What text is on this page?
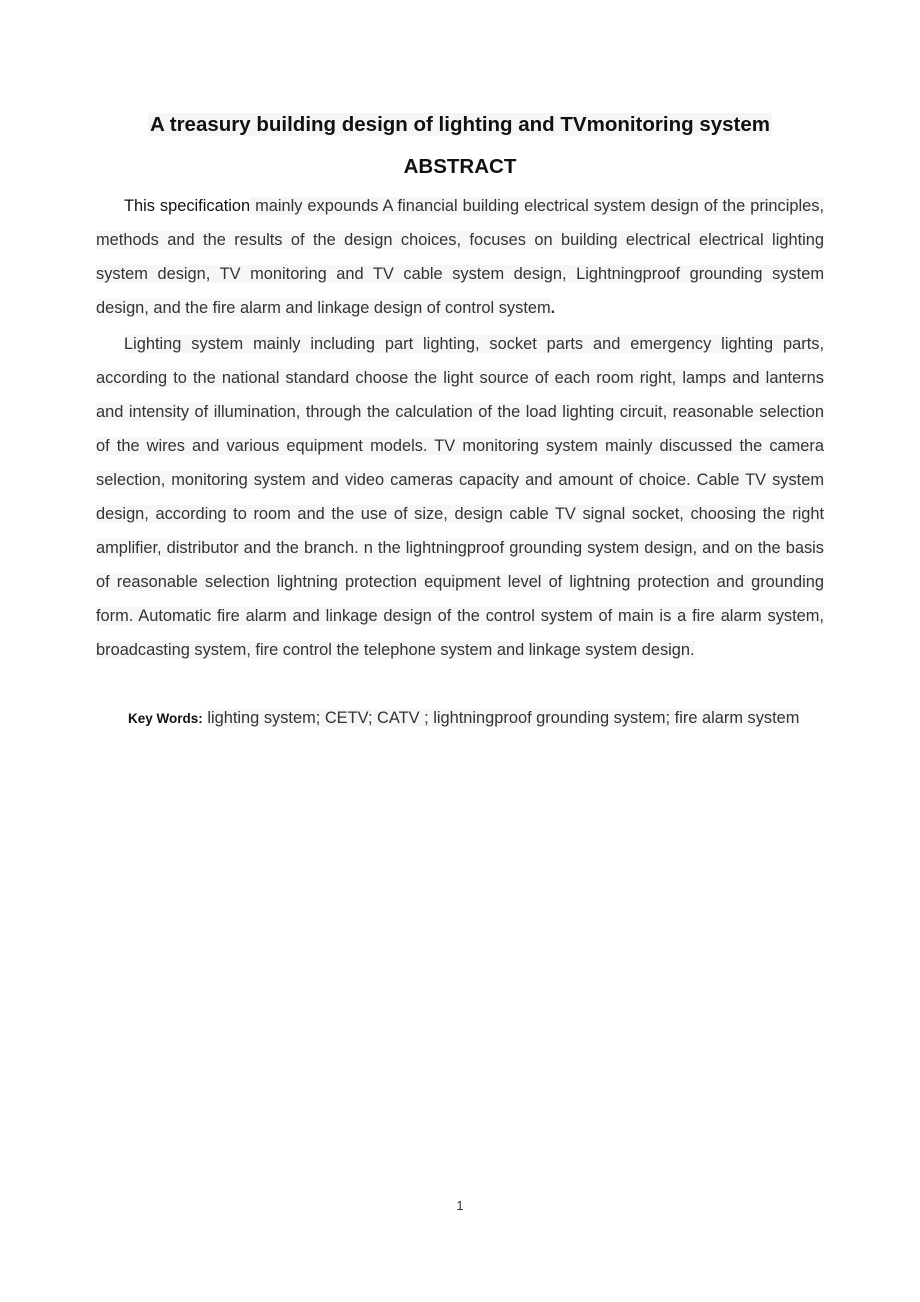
A treasury building design of lighting and TVmonitoring system
ABSTRACT
This specification mainly expounds A financial building electrical system design of the principles, methods and the results of the design choices, focuses on building electrical electrical lighting system design, TV monitoring and TV cable system design, Lightningproof grounding system design, and the fire alarm and linkage design of control system.
Lighting system mainly including part lighting, socket parts and emergency lighting parts, according to the national standard choose the light source of each room right, lamps and lanterns and intensity of illumination, through the calculation of the load lighting circuit, reasonable selection of the wires and various equipment models. TV monitoring system mainly discussed the camera selection, monitoring system and video cameras capacity and amount of choice. Cable TV system design, according to room and the use of size, design cable TV signal socket, choosing the right amplifier, distributor and the branch. n the lightningproof grounding system design, and on the basis of reasonable selection lightning protection equipment level of lightning protection and grounding form. Automatic fire alarm and linkage design of the control system of main is a fire alarm system, broadcasting system, fire control the telephone system and linkage system design.
Key Words: lighting system; CETV; CATV ; lightningproof grounding system; fire alarm system
1
